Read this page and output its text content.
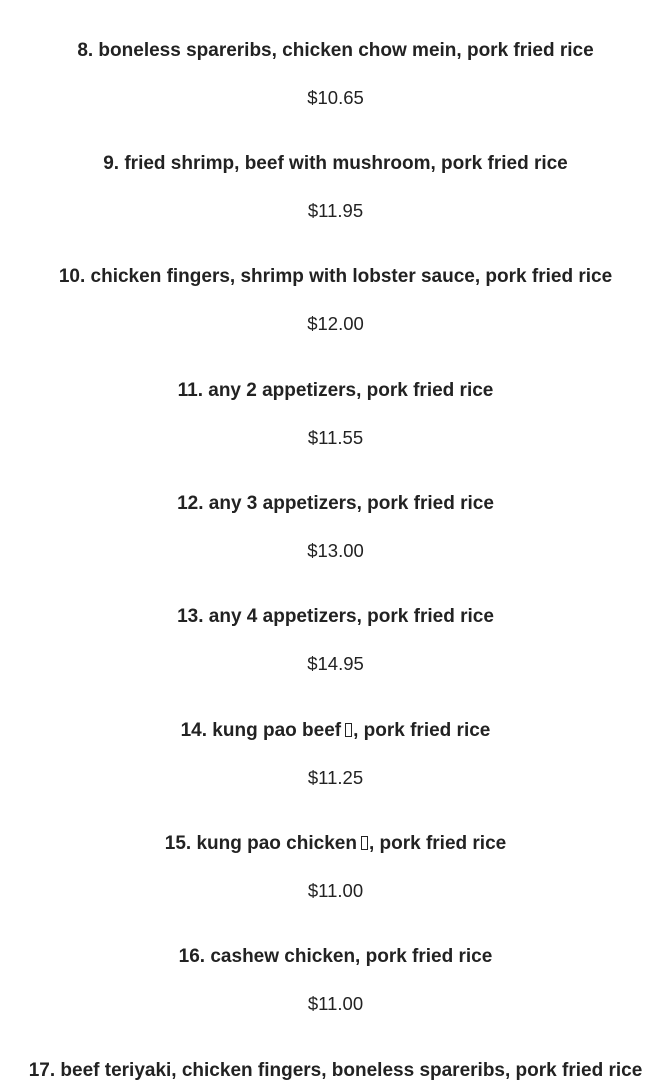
8. boneless spareribs, chicken chow mein, pork fried rice

$10.65

9. fried shrimp, beef with mushroom, pork fried rice

$11.95

10. chicken fingers, shrimp with lobster sauce, pork fried rice

$12.00

11. any 2 appetizers, pork fried rice

$11.55

12. any 3 appetizers, pork fried rice

$13.00

13. any 4 appetizers, pork fried rice

$14.95

14. kung pao beef , pork fried rice

$11.25

15. kung pao chicken , pork fried rice

$11.00

16. cashew chicken, pork fried rice

$11.00

17. beef teriyaki, chicken fingers, boneless spareribs, pork fried rice
